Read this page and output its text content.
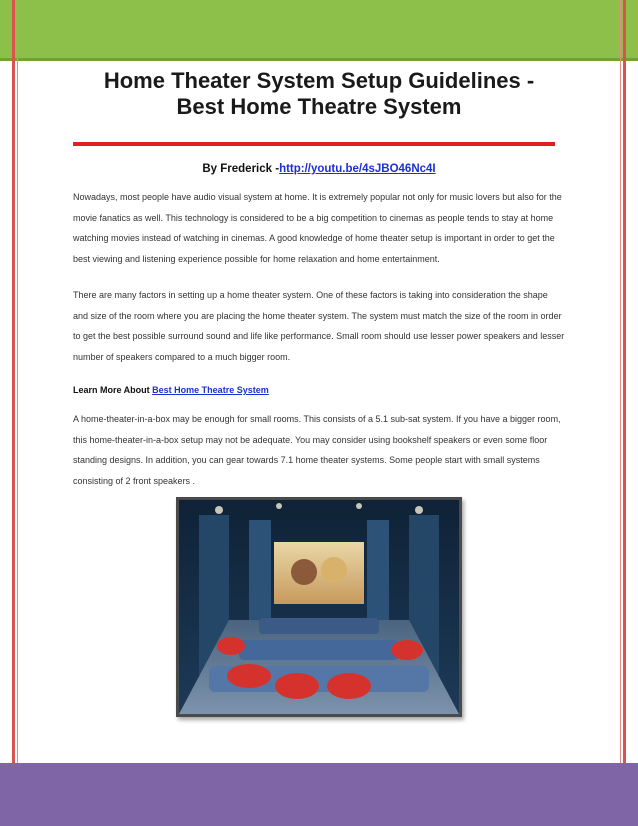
Home Theater System Setup Guidelines -
Best Home Theatre System
By Frederick -http://youtu.be/4sJBO46Nc4I

Nowadays, most people have audio visual system at home. It is extremely popular not only for music lovers but also for the movie fanatics as well. This technology is considered to be a big competition to cinemas as people tends to stay at home watching movies instead of watching in cinemas. A good knowledge of home theater setup is important in order to get the best viewing and listening experience possible for home relaxation and home entertainment.

There are many factors in setting up a home theater system. One of these factors is taking into consideration the shape and size of the room where you are placing the home theater system. The system must match the size of the room in order to get the best possible surround sound and life like performance. Small room should use lesser power speakers and lesser number of speakers compared to a much bigger room.

Learn More About Best Home Theatre System

A home-theater-in-a-box may be enough for small rooms. This consists of a 5.1 sub-sat system. If you have a bigger room, this home-theater-in-a-box setup may not be adequate. You may consider using bookshelf speakers or even some floor standing designs. In addition, you can gear towards 7.1 home theater systems. Some people start with small systems consisting of 2 front speakers .
